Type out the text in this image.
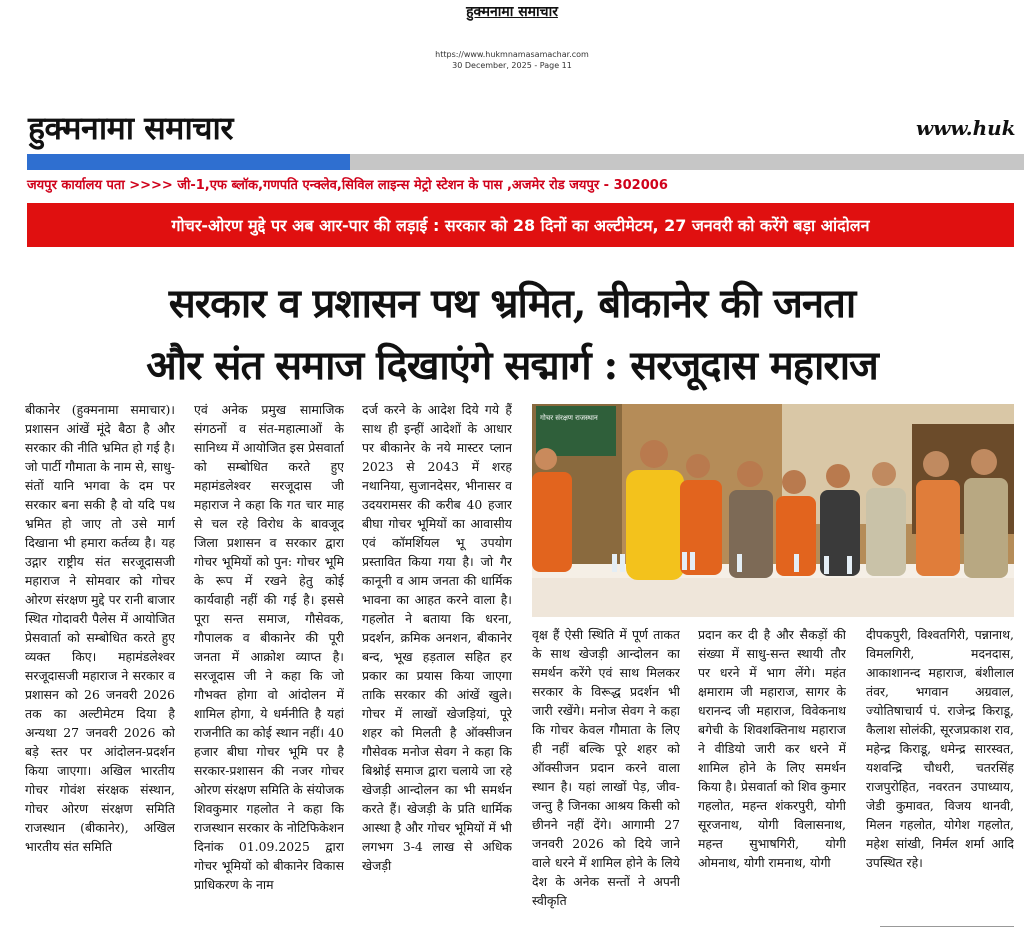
हुक्मनामा समाचार
https://www.hukmnamasamachar.com
30 December, 2025 - Page 11
हुक्मनामा समाचार	www.huk
जयपुर कार्यालय पता >>>> जी-1,एफ ब्लॉक,गणपति एन्क्लेव,सिविल लाइन्स मेट्रो स्टेशन के पास ,अजमेर रोड जयपुर - 302006
गोचर-ओरण मुद्दे पर अब आर-पार की लड़ाई : सरकार को 28 दिनों का अल्टीमेटम, 27 जनवरी को करेंगे बड़ा आंदोलन
सरकार व प्रशासन पथ भ्रमित, बीकानेर की जनता
और संत समाज दिखाएंगे सद्मार्ग : सरजूदास महाराज
बीकानेर (हुक्मनामा समाचार)। प्रशासन आंखें मूंदे बैठा है और सरकार की नीति भ्रमित हो गई है। जो पार्टी गौमाता के नाम से, साधु-संतों यानि भगवा के दम पर सरकार बना सकी है वो यदि पथ भ्रमित हो जाए तो उसे मार्ग दिखाना भी हमारा कर्तव्य है। यह उद्गार राष्ट्रीय संत सरजूदासजी महाराज ने सोमवार को गोचर ओरण संरक्षण मुद्दे पर रानी बाजार स्थित गोदावरी पैलेस में आयोजित प्रेसवार्ता को सम्बोधित करते हुए व्यक्त किए। महामंडलेश्वर सरजूदासजी महाराज ने सरकार व प्रशासन को 26 जनवरी 2026 तक का अल्टीमेटम दिया है अन्यथा 27 जनवरी 2026 को बड़े स्तर पर आंदोलन-प्रदर्शन किया जाएगा। अखिल भारतीय गोचर गोवंश संरक्षक संस्थान, गोचर ओरण संरक्षण समिति राजस्थान (बीकानेर), अखिल भारतीय संत समिति
एवं अनेक प्रमुख सामाजिक संगठनों व संत-महात्माओं के सानिध्य में आयोजित इस प्रेसवार्ता को सम्बोधित करते हुए महामंडलेश्वर सरजूदास जी महाराज ने कहा कि गत चार माह से चल रहे विरोध के बावजूद जिला प्रशासन व सरकार द्वारा गोचर भूमियों को पुन: गोचर भूमि के रूप में रखने हेतु कोई कार्यवाही नहीं की गई है। इससे पूरा सन्त समाज, गौसेवक, गौपालक व बीकानेर की पूरी जनता में आक्रोश व्याप्त है। सरजूदास जी ने कहा कि जो गौभक्त होगा वो आंदोलन में शामिल होगा, ये धर्मनीति है यहां राजनीति का कोई स्थान नहीं। 40 हजार बीघा गोचर भूमि पर है सरकार-प्रशासन की नजर गोचर ओरण संरक्षण समिति के संयोजक शिवकुमार गहलोत ने कहा कि राजस्थान सरकार के नोटिफिकेशन दिनांक 01.09.2025 द्वारा गोचर भूमियों को बीकानेर विकास प्राधिकरण के नाम
दर्ज करने के आदेश दिये गये हैं साथ ही इन्हीं आदेशों के आधार पर बीकानेर के नये मास्टर प्लान 2023 से 2043 में शरह नथानिया, सुजानदेसर, भीनासर व उदयरामसर की करीब 40 हजार बीघा गोचर भूमियों का आवासीय एवं कॉमर्शियल भू उपयोग प्रस्तावित किया गया है। जो गैर कानूनी व आम जनता की धार्मिक भावना का आहत करने वाला है। गहलोत ने बताया कि धरना, प्रदर्शन, क्रमिक अनशन, बीकानेर बन्द, भूख हड़ताल सहित हर प्रकार का प्रयास किया जाएगा ताकि सरकार की आंखें खुले। गोचर में लाखों खेजड़ियां, पूरे शहर को मिलती है ऑक्सीजन गौसेवक मनोज सेवग ने कहा कि बिश्नोई समाज द्वारा चलाये जा रहे खेजड़ी आन्दोलन का भी समर्थन करते हैं। खेजड़ी के प्रति धार्मिक आस्था है और गोचर भूमियों में भी लगभग 3-4 लाख से अधिक खेजड़ी
वृक्ष हैं ऐसी स्थिति में पूर्ण ताकत के साथ खेजड़ी आन्दोलन का समर्थन करेंगे एवं साथ मिलकर सरकार के विरूद्ध प्रदर्शन भी जारी रखेंगे। मनोज सेवग ने कहा कि गोचर केवल गौमाता के लिए ही नहीं बल्कि पूरे शहर को ऑक्सीजन प्रदान करने वाला स्थान है। यहां लाखों पेड़, जीव-जन्तु है जिनका आश्रय किसी को छीनने नहीं देंगे। आगामी 27 जनवरी 2026 को दिये जाने वाले धरने में शामिल होने के लिये देश के अनेक सन्तों ने अपनी स्वीकृति
प्रदान कर दी है और सैकड़ों की संख्या में साधु-सन्त स्थायी तौर पर धरने में भाग लेंगे। महंत क्षमाराम जी महाराज, सागर के धरानन्द जी महाराज, विवेकनाथ बगेची के शिवशक्तिनाथ महाराज ने वीडियो जारी कर धरने में शामिल होने के लिए समर्थन किया है। प्रेसवार्ता को शिव कुमार गहलोत, महन्त शंकरपुरी, योगी सूरजनाथ, योगी विलासनाथ, महन्त सुभाषगिरी, योगी ओमनाथ, योगी रामनाथ, योगी
दीपकपुरी, विश्वतगिरी, पन्नानाथ, विमलगिरी, मदनदास, आकाशानन्द महाराज, बंशीलाल तंवर, भगवान अग्रवाल, ज्योतिषाचार्य पं. राजेन्द्र किराडू, कैलाश सोलंकी, सूरजप्रकाश राव, महेन्द्र किराडू, धमेन्द्र सारस्वत, यशवन्द्रि चौधरी, चतरसिंह राजपुरोहित, नवरतन उपाध्याय, जेडी कुमावत, विजय थानवी, मिलन गहलोत, योगेश गहलोत, महेश सांखी, निर्मल शर्मा आदि उपस्थित रहे।
गोचर संरक्षण राजस्थान
